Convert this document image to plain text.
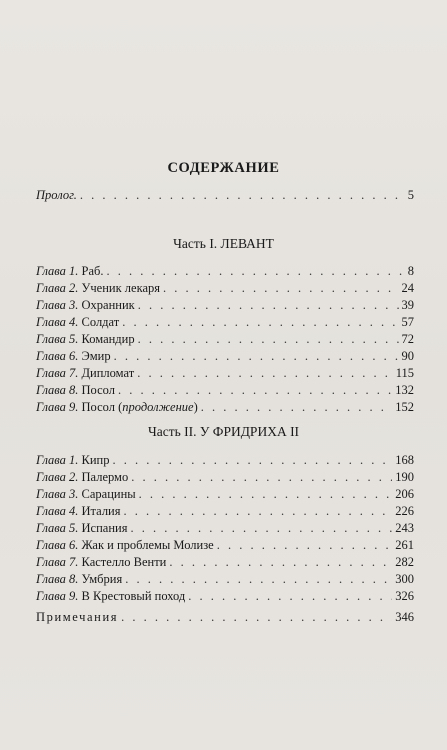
СОДЕРЖАНИЕ
Пролог. . . .	5
Часть I. ЛЕВАНТ
Глава 1. Раб. . . .	8
Глава 2. Ученик лекаря . . .	24
Глава 3. Охранник . . .	39
Глава 4. Солдат . . .	57
Глава 5. Командир . . .	72
Глава 6. Эмир . . .	90
Глава 7. Дипломат . . .	115
Глава 8. Посол . . .	132
Глава 9. Посол (продолжение) . . .	152
Часть II. У ФРИДРИХА II
Глава 1. Кипр . . .	168
Глава 2. Палермо . . .	190
Глава 3. Сарацины . . .	206
Глава 4. Италия . . .	226
Глава 5. Испания . . .	243
Глава 6. Жак и проблемы Молизе . . .	261
Глава 7. Кастелло Венти . . .	282
Глава 8. Умбрия . . .	300
Глава 9. В Крестовый поход . . .	326
Примечания . . .	346
